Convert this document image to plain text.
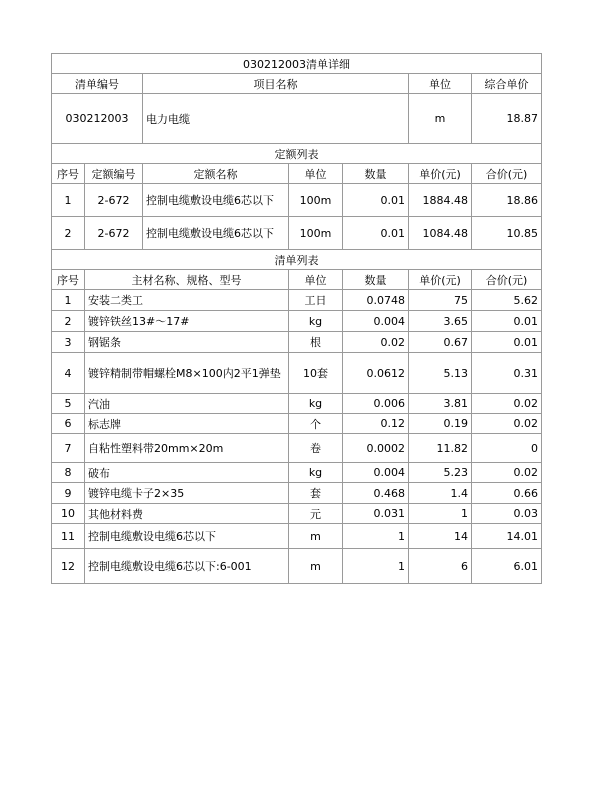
030212003清单详细			
清单编号	项目名称	单位	综合单价
030212003	电力电缆	m	18.87
定额列表						
序号	定额编号	定额名称	单位	数量	单价(元)	合价(元)
1	2-672	控制电缆敷设电缆6芯以下	100m	0.01	1884.48	18.86
2	2-672	控制电缆敷设电缆6芯以下	100m	0.01	1084.48	10.85
清单列表					
序号	主材名称、规格、型号	单位	数量	单价(元)	合价(元)
1	安装二类工	工日	0.0748	75	5.62
2	镀锌铁丝13#～17#	kg	0.004	3.65	0.01
3	钢锯条	根	0.02	0.67	0.01
4	镀锌精制带帽螺栓M8×100内2平1弹垫	10套	0.0612	5.13	0.31
5	汽油	kg	0.006	3.81	0.02
6	标志牌	个	0.12	0.19	0.02
7	自粘性塑料带20mm×20m	卷	0.0002	11.82	0
8	破布	kg	0.004	5.23	0.02
9	镀锌电缆卡子2×35	套	0.468	1.4	0.66
10	其他材料费	元	0.031	1	0.03
11	控制电缆敷设电缆6芯以下	m	1	14	14.01
12	控制电缆敷设电缆6芯以下:6-001	m	1	6	6.01
